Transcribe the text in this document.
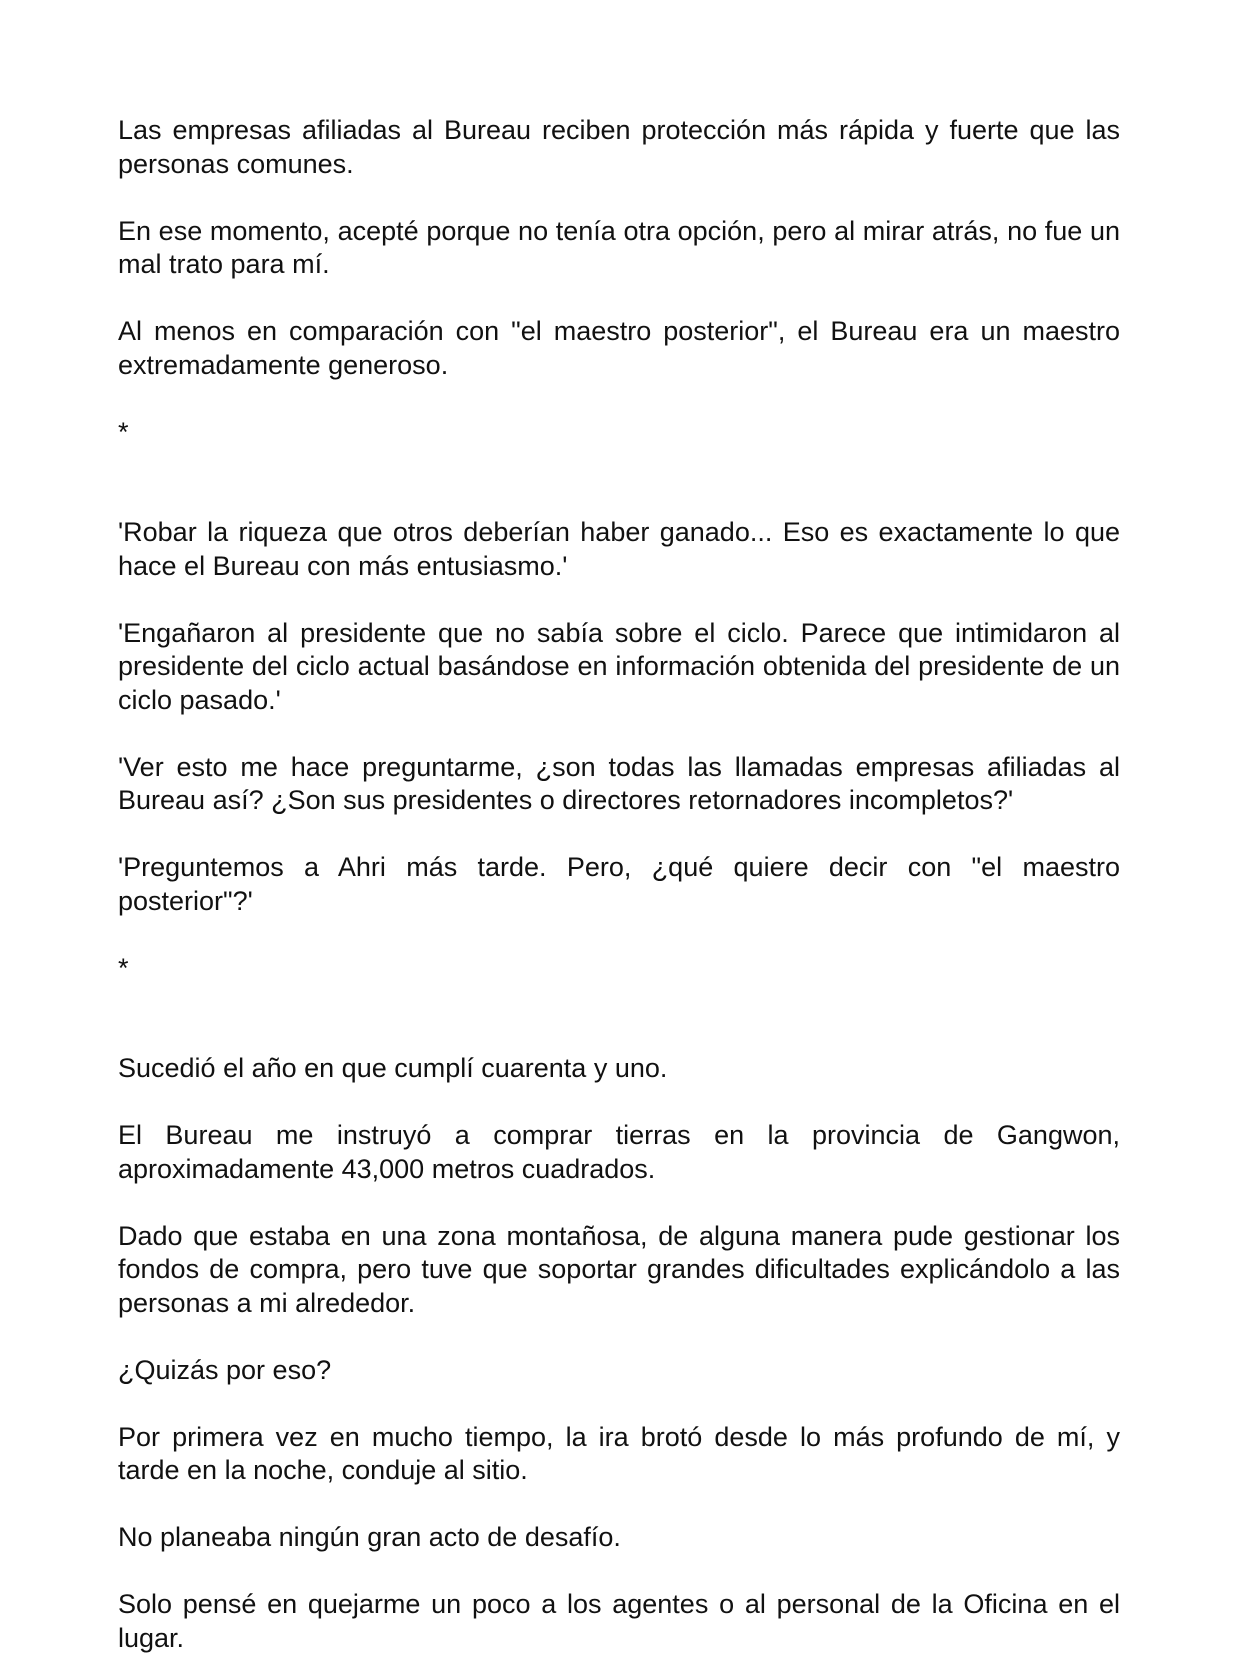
Las empresas afiliadas al Bureau reciben protección más rápida y fuerte que las personas comunes.

En ese momento, acepté porque no tenía otra opción, pero al mirar atrás, no fue un mal trato para mí.

Al menos en comparación con "el maestro posterior", el Bureau era un maestro extremadamente generoso.

*

'Robar la riqueza que otros deberían haber ganado... Eso es exactamente lo que hace el Bureau con más entusiasmo.'

'Engañaron al presidente que no sabía sobre el ciclo. Parece que intimidaron al presidente del ciclo actual basándose en información obtenida del presidente de un ciclo pasado.'

'Ver esto me hace preguntarme, ¿son todas las llamadas empresas afiliadas al Bureau así? ¿Son sus presidentes o directores retornadores incompletos?'

'Preguntemos a Ahri más tarde. Pero, ¿qué quiere decir con "el maestro posterior"?'

*

Sucedió el año en que cumplí cuarenta y uno.

El Bureau me instruyó a comprar tierras en la provincia de Gangwon, aproximadamente 43,000 metros cuadrados.

Dado que estaba en una zona montañosa, de alguna manera pude gestionar los fondos de compra, pero tuve que soportar grandes dificultades explicándolo a las personas a mi alrededor.

¿Quizás por eso?

Por primera vez en mucho tiempo, la ira brotó desde lo más profundo de mí, y tarde en la noche, conduje al sitio.

No planeaba ningún gran acto de desafío.

Solo pensé en quejarme un poco a los agentes o al personal de la Oficina en el lugar.
